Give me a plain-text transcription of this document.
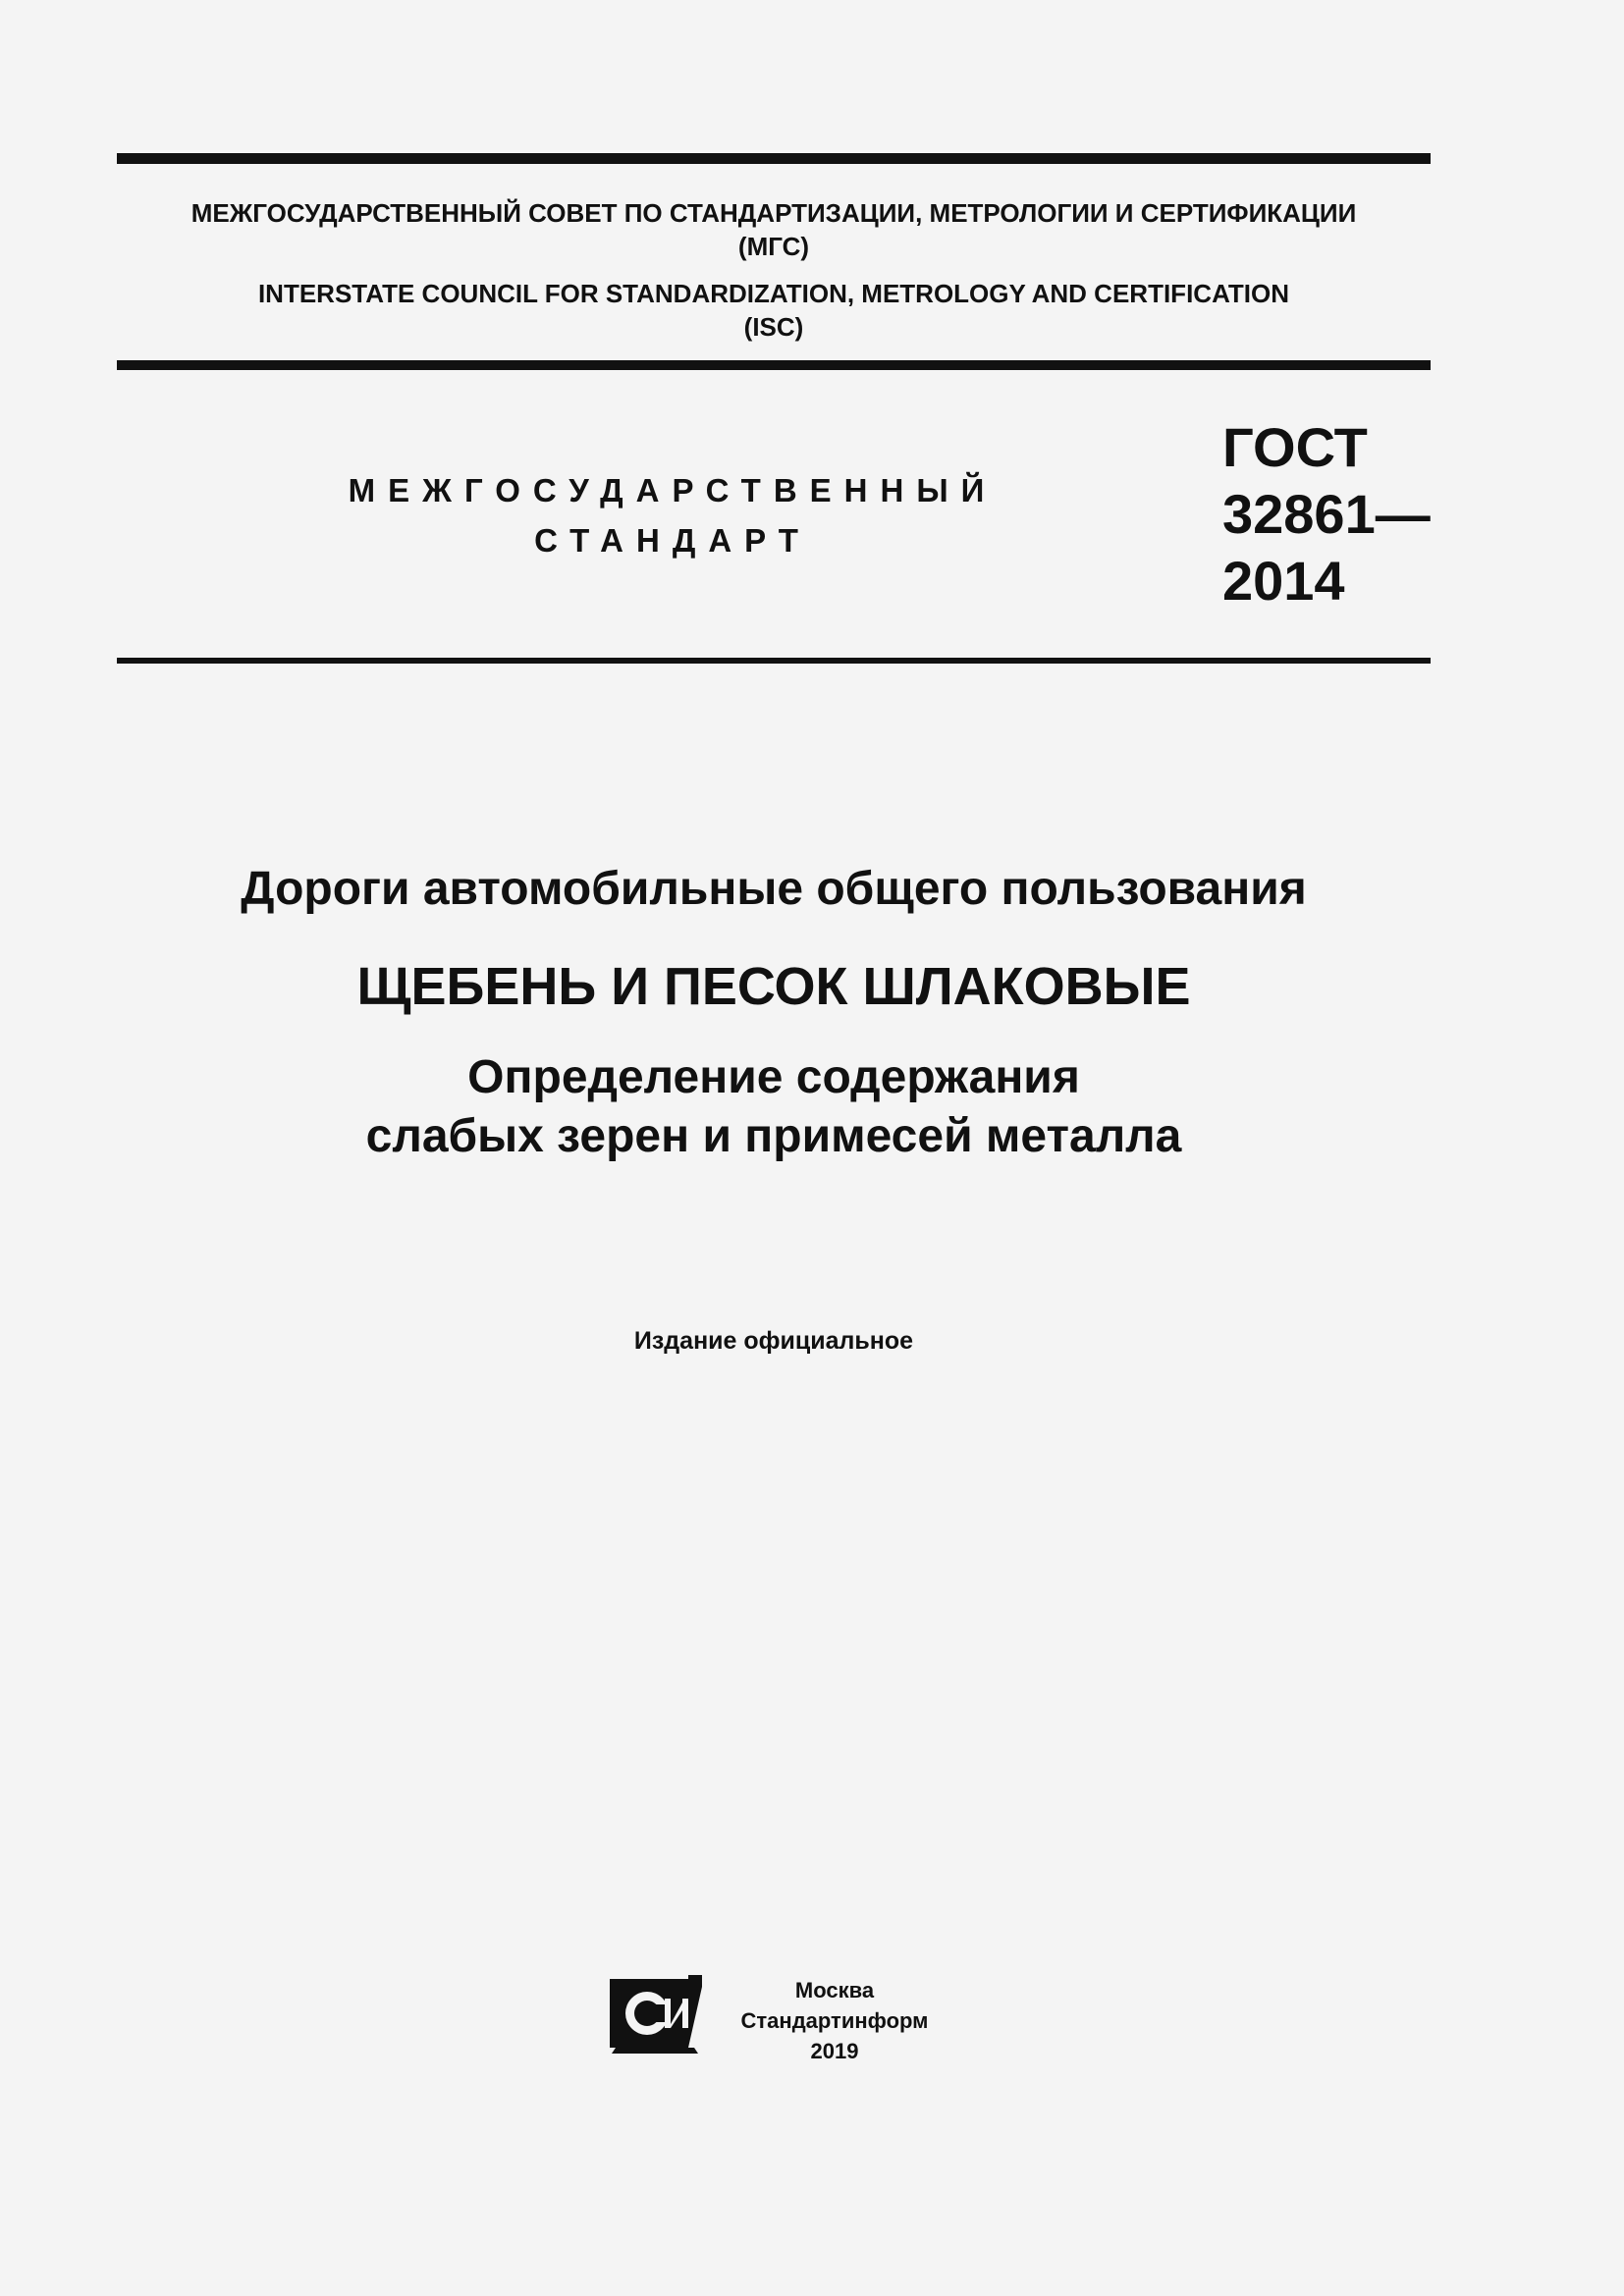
МЕЖГОСУДАРСТВЕННЫЙ СОВЕТ ПО СТАНДАРТИЗАЦИИ, МЕТРОЛОГИИ И СЕРТИФИКАЦИИ
(МГС)
INTERSTATE COUNCIL FOR STANDARDIZATION, METROLOGY AND CERTIFICATION
(ISC)
МЕЖГОСУДАРСТВЕННЫЙ
СТАНДАРТ
ГОСТ
32861—
2014
Дороги автомобильные общего пользования
ЩЕБЕНЬ И ПЕСОК ШЛАКОВЫЕ
Определение содержания
слабых зерен и примесей металла
Издание официальное
Москва
Стандартинформ
2019
